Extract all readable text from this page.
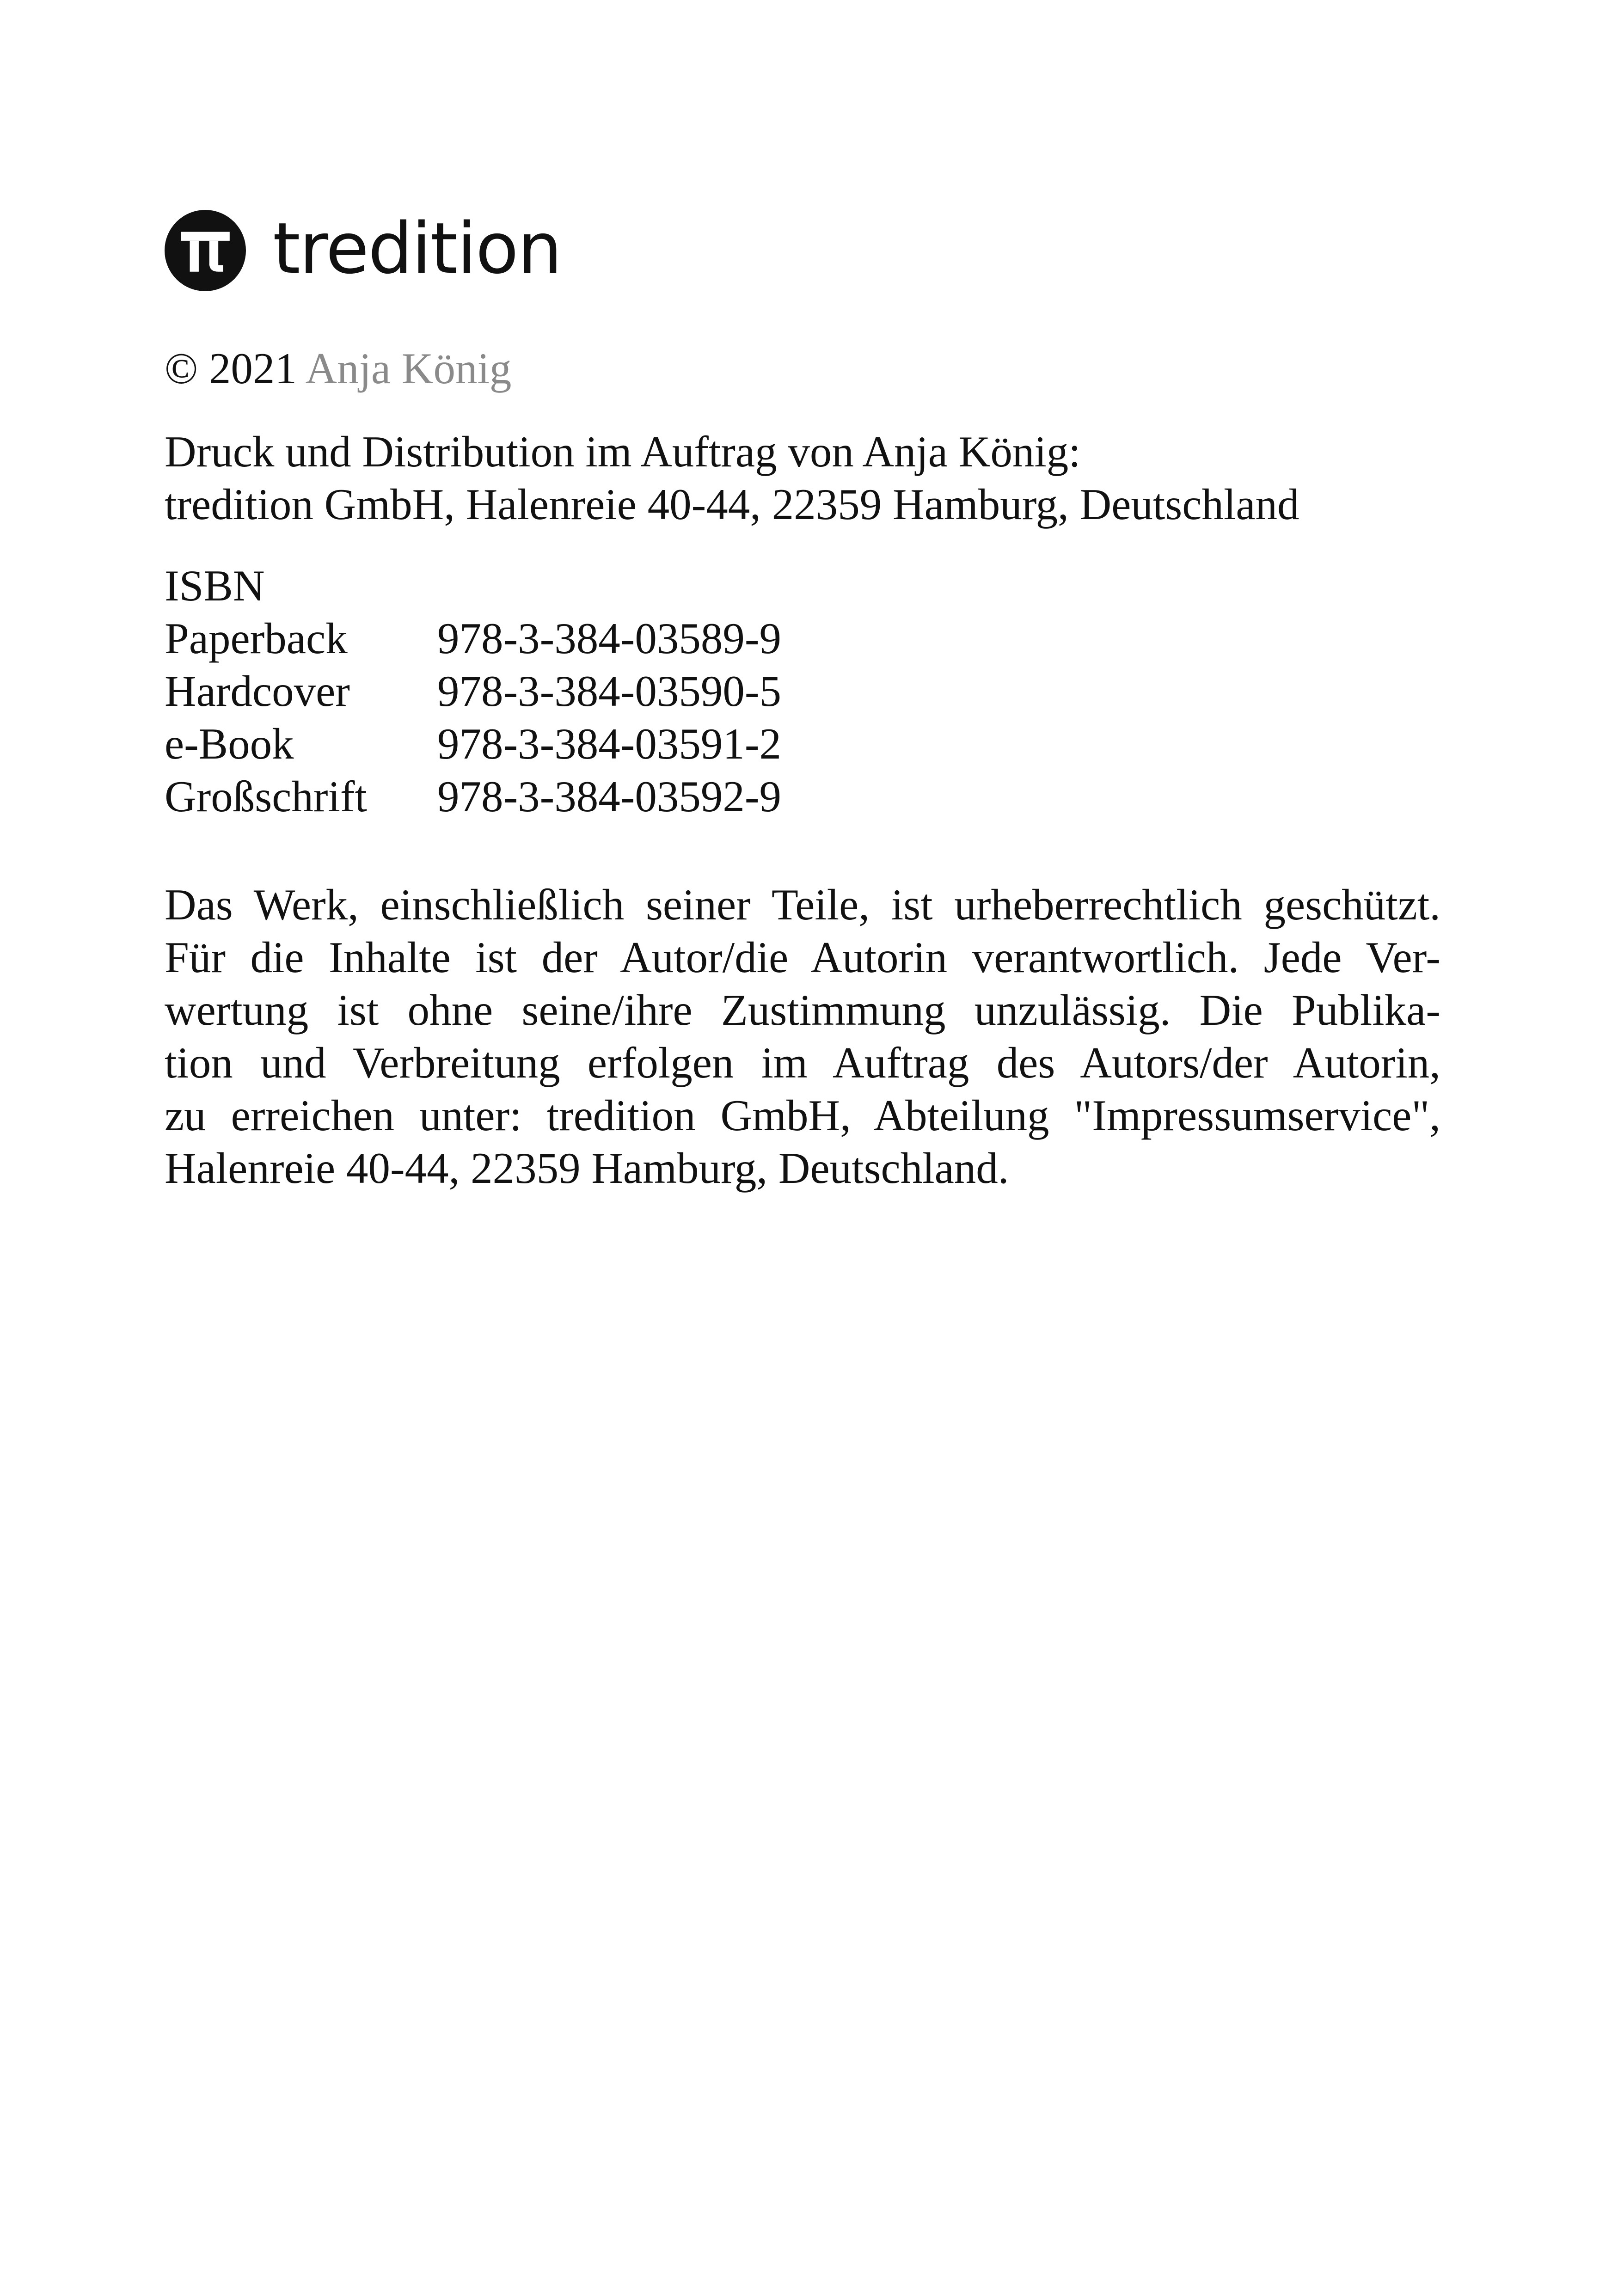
tredition
© 2021 Anja König
Druck und Distribution im Auftrag von Anja König:
tredition GmbH, Halenreie 40-44, 22359 Hamburg, Deutschland
ISBN
Paperback	978-3-384-03589-9
Hardcover	978-3-384-03590-5
e-Book	978-3-384-03591-2
Großschrift	978-3-384-03592-9
Das Werk, einschließlich seiner Teile, ist urheberrechtlich geschützt.
Für die Inhalte ist der Autor/die Autorin verantwortlich. Jede Ver-
wertung ist ohne seine/ihre Zustimmung unzulässig. Die Publika-
tion und Verbreitung erfolgen im Auftrag des Autors/der Autorin,
zu erreichen unter: tredition GmbH, Abteilung "Impressumservice",
Halenreie 40-44, 22359 Hamburg, Deutschland.
